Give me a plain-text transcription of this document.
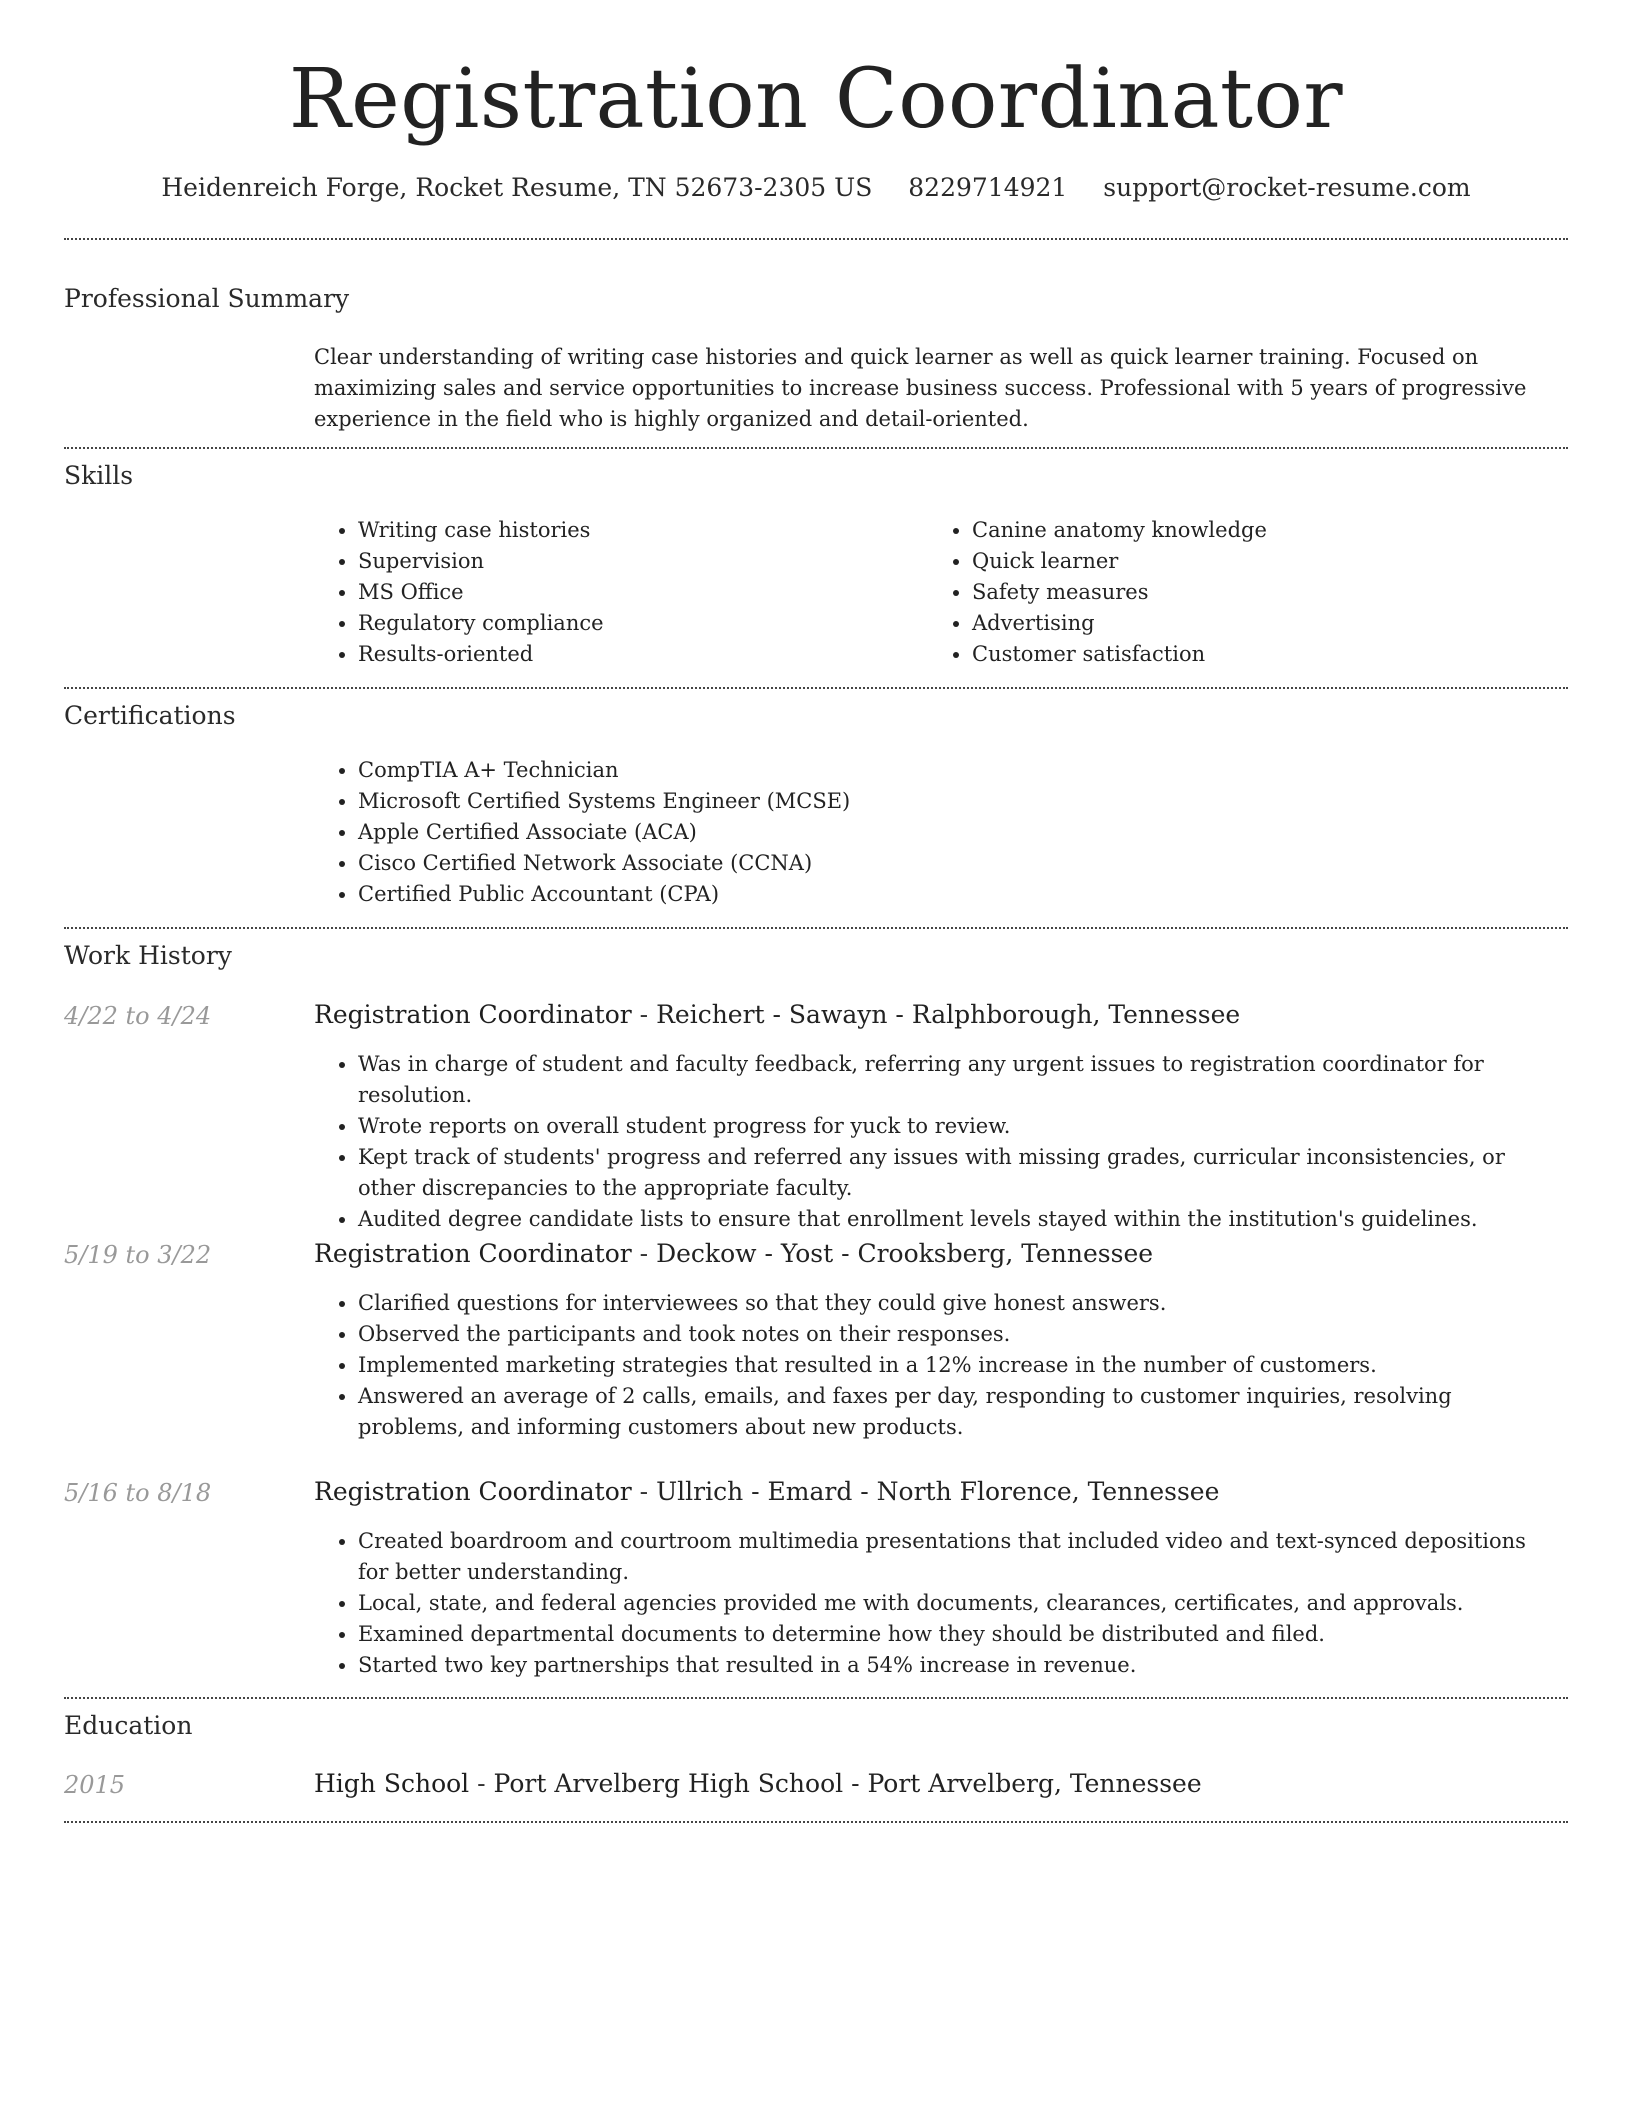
Registration Coordinator
Heidenreich Forge, Rocket Resume, TN 52673-2305 US 8229714921 support@rocket-resume.com
Professional Summary
Clear understanding of writing case histories and quick learner as well as quick learner training. Focused on maximizing sales and service opportunities to increase business success. Professional with 5 years of progressive experience in the field who is highly organized and detail-oriented.
Skills
• Writing case histories
• Supervision
• MS Office
• Regulatory compliance
• Results-oriented
• Canine anatomy knowledge
• Quick learner
• Safety measures
• Advertising
• Customer satisfaction
Certifications
• CompTIA A+ Technician
• Microsoft Certified Systems Engineer (MCSE)
• Apple Certified Associate (ACA)
• Cisco Certified Network Associate (CCNA)
• Certified Public Accountant (CPA)
Work History
4/22 to 4/24	Registration Coordinator - Reichert - Sawayn - Ralphborough, Tennessee
• Was in charge of student and faculty feedback, referring any urgent issues to registration coordinator for resolution.
• Wrote reports on overall student progress for yuck to review.
• Kept track of students' progress and referred any issues with missing grades, curricular inconsistencies, or other discrepancies to the appropriate faculty.
• Audited degree candidate lists to ensure that enrollment levels stayed within the institution's guidelines.
5/19 to 3/22	Registration Coordinator - Deckow - Yost - Crooksberg, Tennessee
• Clarified questions for interviewees so that they could give honest answers.
• Observed the participants and took notes on their responses.
• Implemented marketing strategies that resulted in a 12% increase in the number of customers.
• Answered an average of 2 calls, emails, and faxes per day, responding to customer inquiries, resolving problems, and informing customers about new products.
5/16 to 8/18	Registration Coordinator - Ullrich - Emard - North Florence, Tennessee
• Created boardroom and courtroom multimedia presentations that included video and text-synced depositions for better understanding.
• Local, state, and federal agencies provided me with documents, clearances, certificates, and approvals.
• Examined departmental documents to determine how they should be distributed and filed.
• Started two key partnerships that resulted in a 54% increase in revenue.
Education
2015	High School - Port Arvelberg High School - Port Arvelberg, Tennessee
